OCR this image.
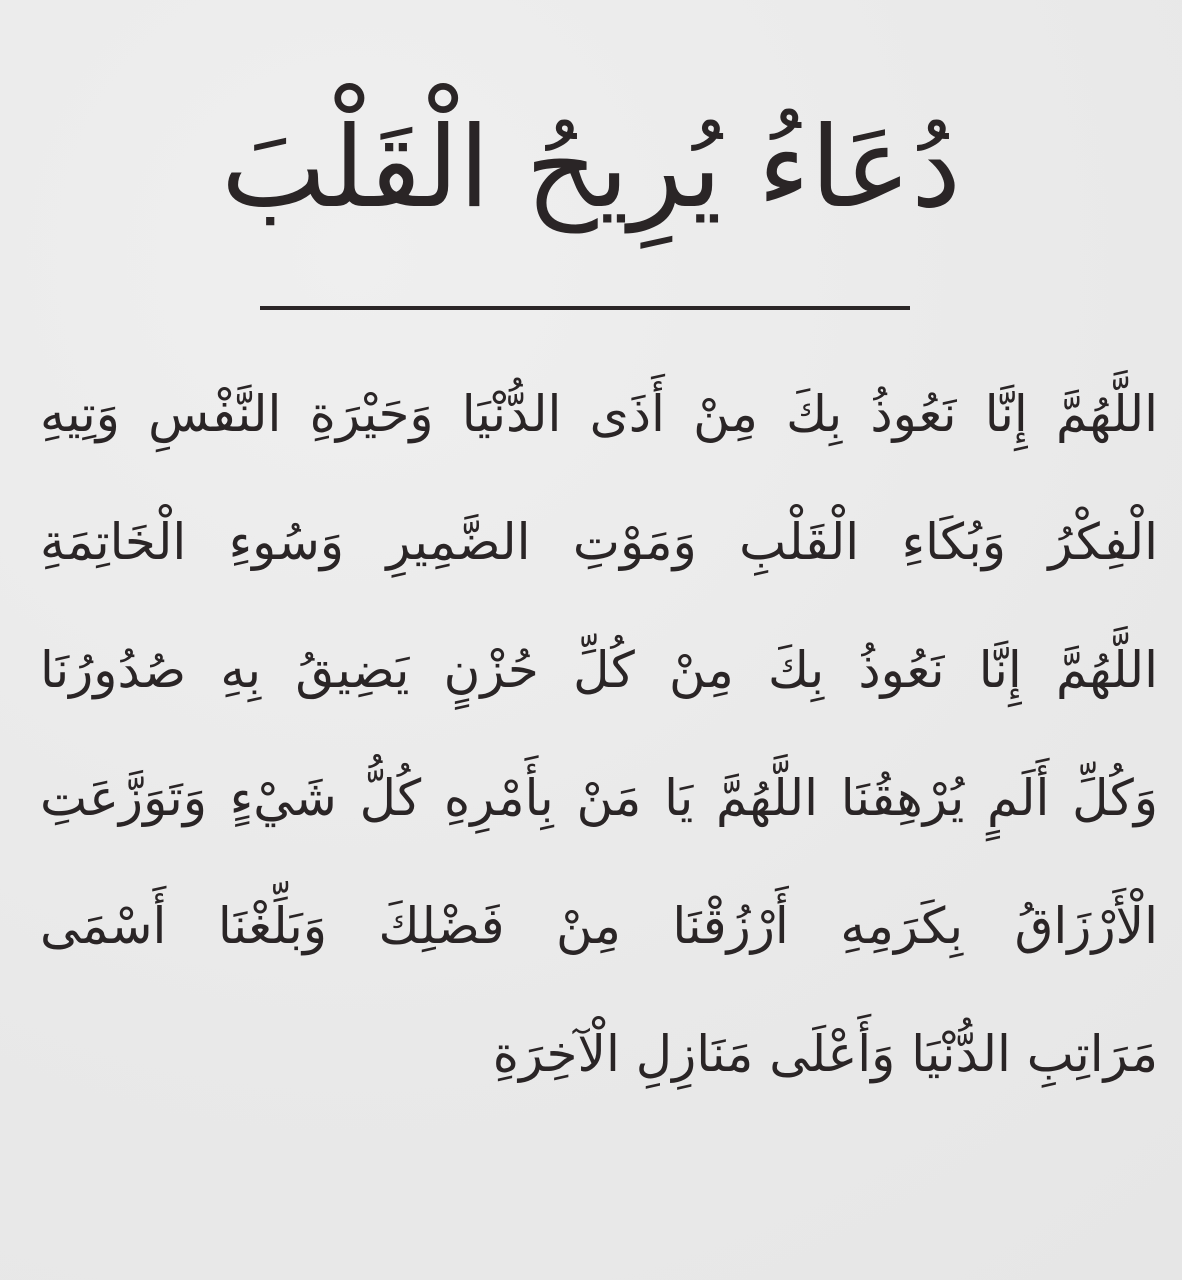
دُعَاءُ يُرِيحُ الْقَلْبَ
اللَّهُمَّ إِنَّا نَعُوذُ بِكَ مِنْ أَذَى الدُّنْيَا وَحَيْرَةِ النَّفْسِ وَتِيهِ
الْفِكْرُ وَبُكَاءِ الْقَلْبِ وَمَوْتِ الضَّمِيرِ وَسُوءِ الْخَاتِمَةِ
اللَّهُمَّ إِنَّا نَعُوذُ بِكَ مِنْ كُلِّ حُزْنٍ يَضِيقُ بِهِ صُدُورُنَا
وَكُلِّ أَلَمٍ يُرْهِقُنَا اللَّهُمَّ يَا مَنْ بِأَمْرِهِ كُلُّ شَيْءٍ وَتَوَزَّعَتِ
الْأَرْزَاقُ بِكَرَمِهِ أَرْزُقْنَا مِنْ فَضْلِكَ وَبَلِّغْنَا أَسْمَى
مَرَاتِبِ الدُّنْيَا وَأَعْلَى مَنَازِلِ الْآخِرَةِ
